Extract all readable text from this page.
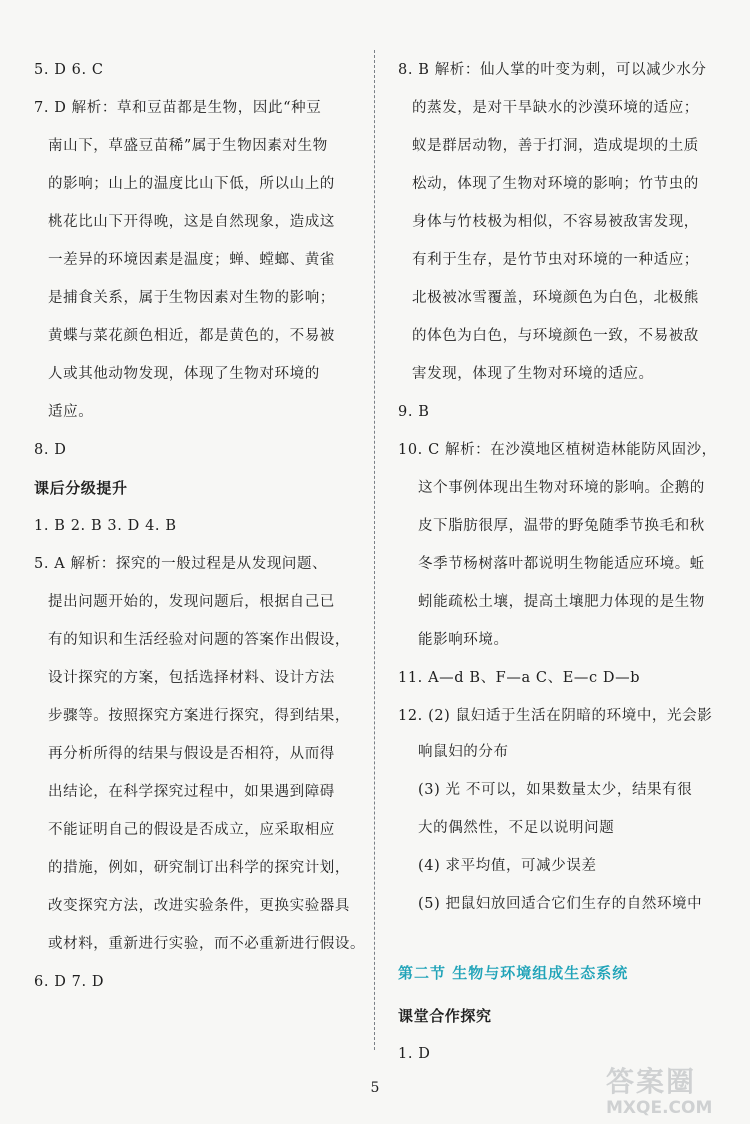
5. D 6. C
7. D 解析：草和豆苗都是生物，因此“种豆
南山下，草盛豆苗稀”属于生物因素对生物
的影响；山上的温度比山下低，所以山上的
桃花比山下开得晚，这是自然现象，造成这
一差异的环境因素是温度；蝉、螳螂、黄雀
是捕食关系，属于生物因素对生物的影响；
黄蝶与菜花颜色相近，都是黄色的，不易被
人或其他动物发现，体现了生物对环境的
适应。
8. D
课后分级提升
1. B 2. B 3. D 4. B
5. A 解析：探究的一般过程是从发现问题、
提出问题开始的，发现问题后，根据自己已
有的知识和生活经验对问题的答案作出假设，
设计探究的方案，包括选择材料、设计方法
步骤等。按照探究方案进行探究，得到结果，
再分析所得的结果与假设是否相符，从而得
出结论，在科学探究过程中，如果遇到障碍
不能证明自己的假设是否成立，应采取相应
的措施，例如，研究制订出科学的探究计划，
改变探究方法，改进实验条件，更换实验器具
或材料，重新进行实验，而不必重新进行假设。
6. D 7. D	第二节 生物与环境组成生态系统
8. B 解析：仙人掌的叶变为刺，可以减少水分
的蒸发，是对干旱缺水的沙漠环境的适应；
蚁是群居动物，善于打洞，造成堤坝的土质
松动，体现了生物对环境的影响；竹节虫的
身体与竹枝极为相似，不容易被敌害发现，
有利于生存，是竹节虫对环境的一种适应；
北极被冰雪覆盖，环境颜色为白色，北极熊
的体色为白色，与环境颜色一致，不易被敌
害发现，体现了生物对环境的适应。
9. B
10. C 解析：在沙漠地区植树造林能防风固沙，
这个事例体现出生物对环境的影响。企鹅的
皮下脂肪很厚，温带的野兔随季节换毛和秋
冬季节杨树落叶都说明生物能适应环境。蚯
蚓能疏松土壤，提高土壤肥力体现的是生物
能影响环境。
11. A—d B、F—a C、E—c D—b
12. (2) 鼠妇适于生活在阴暗的环境中，光会影
响鼠妇的分布
(3) 光 不可以，如果数量太少，结果有很
大的偶然性，不足以说明问题
(4) 求平均值，可减少误差
(5) 把鼠妇放回适合它们生存的自然环境中
课堂合作探究
1. D
5	答案圈
MXQE.COM
